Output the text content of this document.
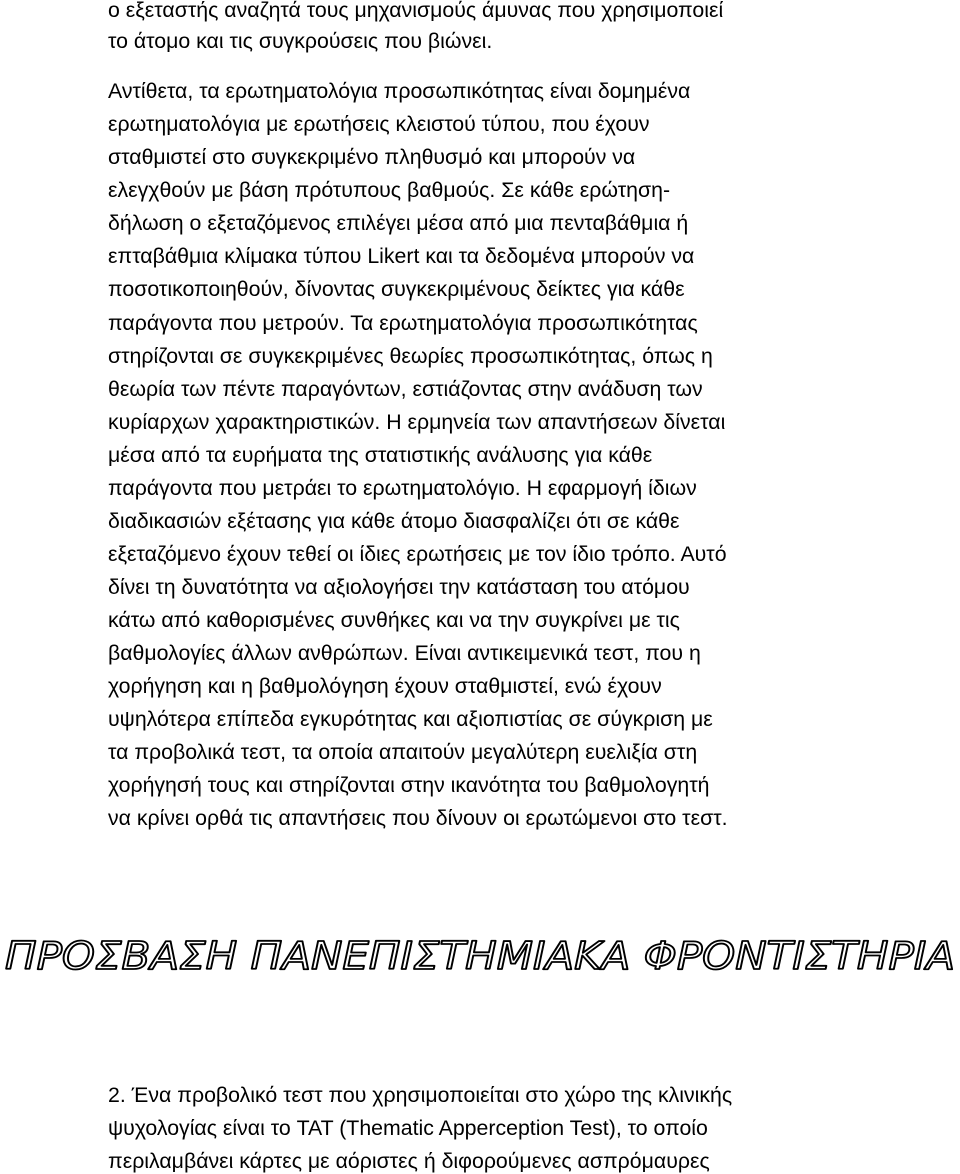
ο εξεταστής αναζητά τους μηχανισμούς άμυνας που χρησιμοποιεί

το άτομο και τις συγκρούσεις που βιώνει.

Αντίθετα, τα ερωτηματολόγια προσωπικότητας είναι δομημένα

ερωτηματολόγια με ερωτήσεις κλειστού τύπου, που έχουν

σταθμιστεί στο συγκεκριμένο πληθυσμό και μπορούν να

ελεγχθούν με βάση πρότυπους βαθμούς. Σε κάθε ερώτηση-

δήλωση ο εξεταζόμενος επιλέγει μέσα από μια πενταβάθμια ή

επταβάθμια κλίμακα τύπου Likert και τα δεδομένα μπορούν να

ποσοτικοποιηθούν, δίνοντας συγκεκριμένους δείκτες για κάθε

παράγοντα που μετρούν. Τα ερωτηματολόγια προσωπικότητας

στηρίζονται σε συγκεκριμένες θεωρίες προσωπικότητας, όπως η

θεωρία των πέντε παραγόντων, εστιάζοντας στην ανάδυση των

κυρίαρχων χαρακτηριστικών. Η ερμηνεία των απαντήσεων δίνεται

μέσα από τα ευρήματα της στατιστικής ανάλυσης για κάθε

παράγοντα που μετράει το ερωτηματολόγιο. Η εφαρμογή ίδιων

διαδικασιών εξέτασης για κάθε άτομο διασφαλίζει ότι σε κάθε

εξεταζόμενο έχουν τεθεί οι ίδιες ερωτήσεις με τον ίδιο τρόπο. Αυτό

δίνει τη δυνατότητα να αξιολογήσει την κατάσταση του ατόμου

κάτω από καθορισμένες συνθήκες και να την συγκρίνει με τις

βαθμολογίες άλλων ανθρώπων. Είναι αντικειμενικά τεστ, που η

χορήγηση και η βαθμολόγηση έχουν σταθμιστεί, ενώ έχουν

υψηλότερα επίπεδα εγκυρότητας και αξιοπιστίας σε σύγκριση με

τα προβολικά τεστ, τα οποία απαιτούν μεγαλύτερη ευελιξία στη

χορήγησή τους και στηρίζονται στην ικανότητα του βαθμολογητή

να κρίνει ορθά τις απαντήσεις που δίνουν οι ερωτώμενοι στο τεστ.

ΠΡΟΣΒΑΣΗ ΠΑΝΕΠΙΣΤΗΜΙΑΚΑ ΦΡΟΝΤΙΣΤΗΡΙΑ

2. Ένα προβολικό τεστ που χρησιμοποιείται στο χώρο της κλινικής

ψυχολογίας είναι το TAT (Thematic Apperception Test), το οποίο

περιλαμβάνει κάρτες με αόριστες ή διφορούμενες ασπρόμαυρες
